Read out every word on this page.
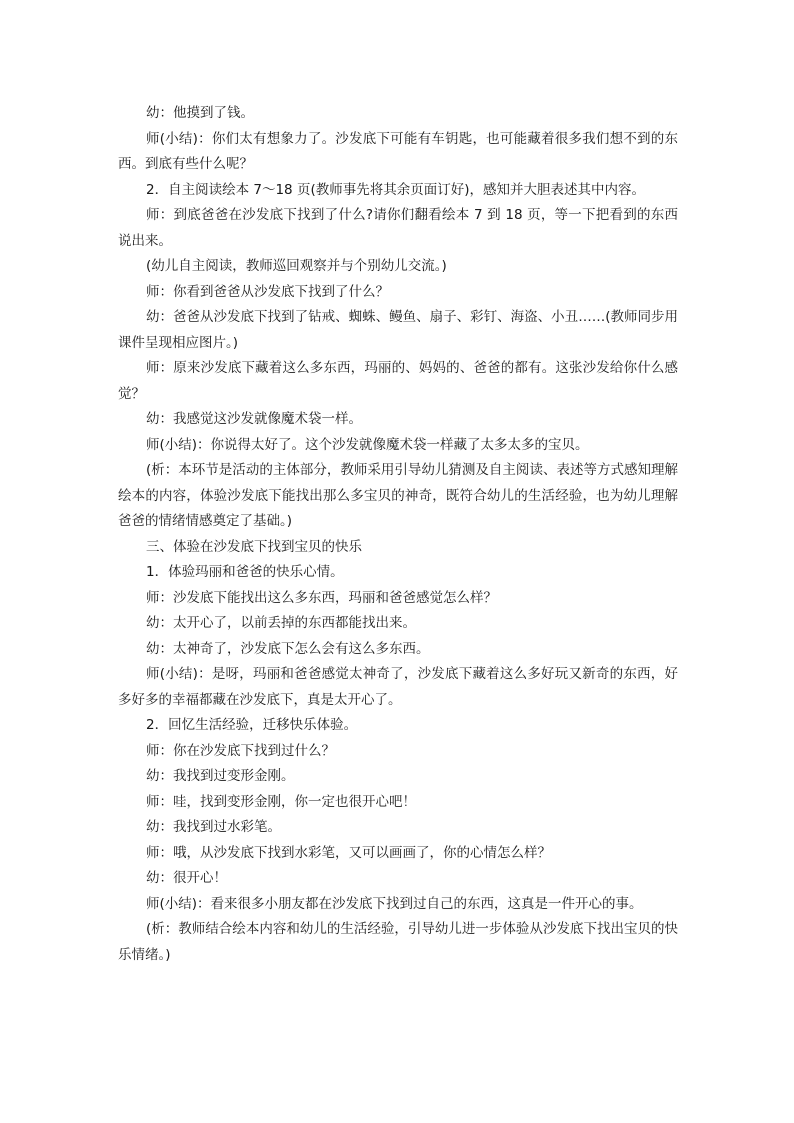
幼：他摸到了钱。

师(小结)：你们太有想象力了。沙发底下可能有车钥匙，也可能藏着很多我们想不到的东西。到底有些什么呢？

2．自主阅读绘本 7～18 页(教师事先将其余页面订好)，感知并大胆表述其中内容。

师：到底爸爸在沙发底下找到了什么?请你们翻看绘本 7 到 18 页，等一下把看到的东西说出来。

(幼儿自主阅读，教师巡回观察并与个别幼儿交流。)

师：你看到爸爸从沙发底下找到了什么？

幼：爸爸从沙发底下找到了钻戒、蜘蛛、鳗鱼、扇子、彩钉、海盗、小丑……(教师同步用课件呈现相应图片。)

师：原来沙发底下藏着这么多东西，玛丽的、妈妈的、爸爸的都有。这张沙发给你什么感觉？

幼：我感觉这沙发就像魔术袋一样。

师(小结)：你说得太好了。这个沙发就像魔术袋一样藏了太多太多的宝贝。

(析：本环节是活动的主体部分，教师采用引导幼儿猜测及自主阅读、表述等方式感知理解绘本的内容，体验沙发底下能找出那么多宝贝的神奇，既符合幼儿的生活经验，也为幼儿理解爸爸的情绪情感奠定了基础。)

三、体验在沙发底下找到宝贝的快乐

1．体验玛丽和爸爸的快乐心情。

师：沙发底下能找出这么多东西，玛丽和爸爸感觉怎么样？

幼：太开心了，以前丢掉的东西都能找出来。

幼：太神奇了，沙发底下怎么会有这么多东西。

师(小结)：是呀，玛丽和爸爸感觉太神奇了，沙发底下藏着这么多好玩又新奇的东西，好多好多的幸福都藏在沙发底下，真是太开心了。

2．回忆生活经验，迁移快乐体验。

师：你在沙发底下找到过什么？

幼：我找到过变形金刚。

师：哇，找到变形金刚，你一定也很开心吧！

幼：我找到过水彩笔。

师：哦，从沙发底下找到水彩笔，又可以画画了，你的心情怎么样？

幼：很开心！

师(小结)：看来很多小朋友都在沙发底下找到过自己的东西，这真是一件开心的事。

(析：教师结合绘本内容和幼儿的生活经验，引导幼儿进一步体验从沙发底下找出宝贝的快乐情绪。)
